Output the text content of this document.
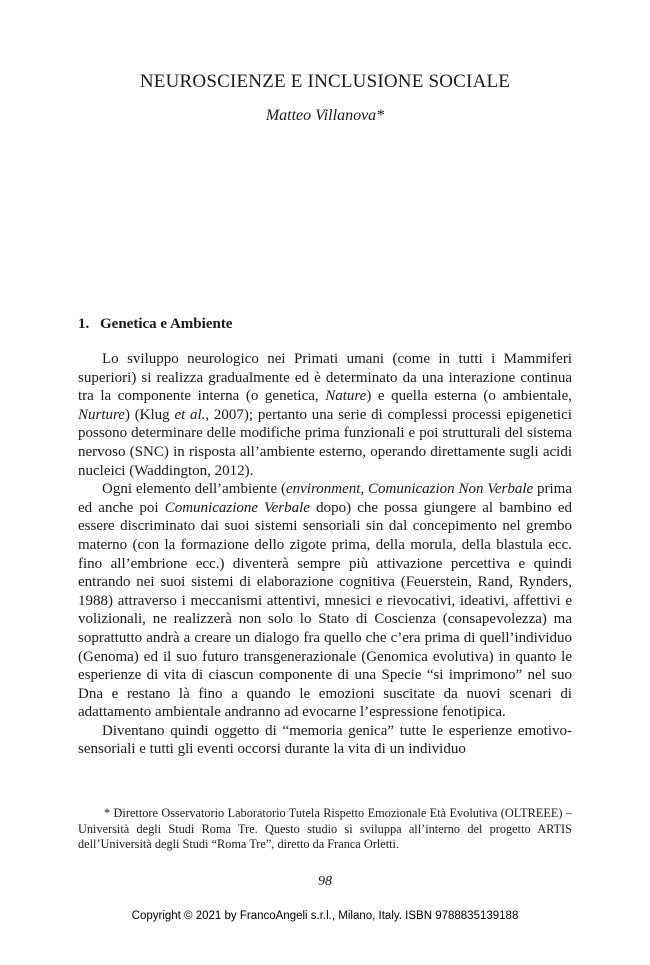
NEUROSCIENZE E INCLUSIONE SOCIALE
Matteo Villanova*
1. Genetica e Ambiente

Lo sviluppo neurologico nei Primati umani (come in tutti i Mammiferi superiori) si realizza gradualmente ed è determinato da una interazione continua tra la componente interna (o genetica, Nature) e quella esterna (o ambientale, Nurture) (Klug et al., 2007); pertanto una serie di complessi processi epigenetici possono determinare delle modifiche prima funzionali e poi strutturali del sistema nervoso (SNC) in risposta all’ambiente esterno, operando direttamente sugli acidi nucleici (Waddington, 2012).

Ogni elemento dell’ambiente (environment, Comunicazion Non Verbale prima ed anche poi Comunicazione Verbale dopo) che possa giungere al bambino ed essere discriminato dai suoi sistemi sensoriali sin dal concepimento nel grembo materno (con la formazione dello zigote prima, della morula, della blastula ecc. fino all’embrione ecc.) diventerà sempre più attivazione percettiva e quindi entrando nei suoi sistemi di elaborazione cognitiva (Feuerstein, Rand, Rynders, 1988) attraverso i meccanismi attentivi, mnesici e rievocativi, ideativi, affettivi e volizionali, ne realizzerà non solo lo Stato di Coscienza (consapevolezza) ma soprattutto andrà a creare un dialogo fra quello che c’era prima di quell’individuo (Genoma) ed il suo futuro transgenerazionale (Genomica evolutiva) in quanto le esperienze di vita di ciascun componente di una Specie “si imprimono” nel suo Dna e restano là fino a quando le emozioni suscitate da nuovi scenari di adattamento ambientale andranno ad evocarne l’espressione fenotipica.

Diventano quindi oggetto di “memoria genica” tutte le esperienze emotivo-sensoriali e tutti gli eventi occorsi durante la vita di un individuo

* Direttore Osservatorio Laboratorio Tutela Rispetto Emozionale Età Evolutiva (OLTREEE) – Università degli Studi Roma Tre. Questo studio si sviluppa all’interno del progetto ARTIS dell’Università degli Studi “Roma Tre”, diretto da Franca Orletti.

98
Copyright © 2021 by FrancoAngeli s.r.l., Milano, Italy. ISBN 9788835139188
